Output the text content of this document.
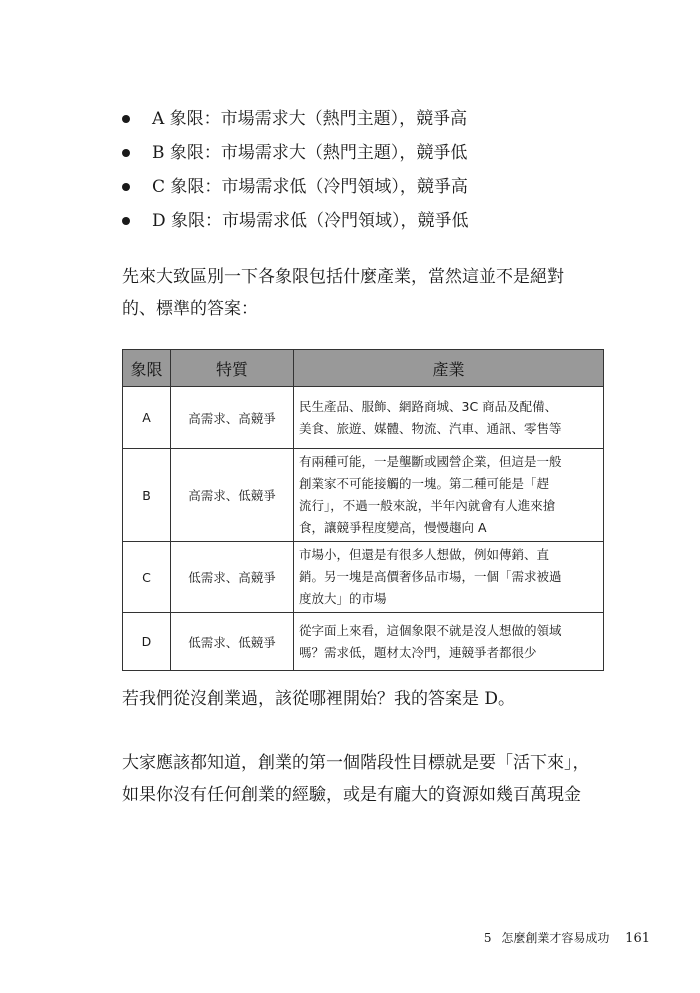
A 象限：市場需求大（熱門主題），競爭高
B 象限：市場需求大（熱門主題），競爭低
C 象限：市場需求低（冷門領域），競爭高
D 象限：市場需求低（冷門領域），競爭低

先來大致區別一下各象限包括什麼產業，當然這並不是絕對
的、標準的答案：

象限	特質	產業
A	高需求、高競爭	民生產品、服飾、網路商城、3C 商品及配備、
美食、旅遊、媒體、物流、汽車、通訊、零售等

B	高需求、低競爭	有兩種可能，一是壟斷或國營企業，但這是一般
創業家不可能接觸的一塊。第二種可能是「趕
流行」，不過一般來說，半年內就會有人進來搶
食，讓競爭程度變高，慢慢趨向 A

C	低需求、高競爭	市場小，但還是有很多人想做，例如傳銷、直
銷。另一塊是高價奢侈品市場，一個「需求被過
度放大」的市場

D	低需求、低競爭	從字面上來看，這個象限不就是沒人想做的領域
嗎？需求低，題材太冷門，連競爭者都很少

若我們從沒創業過，該從哪裡開始？我的答案是 D。

大家應該都知道，創業的第一個階段性目標就是要「活下來」，
如果你沒有任何創業的經驗，或是有龐大的資源如幾百萬現金

5 怎麼創業才容易成功 161
